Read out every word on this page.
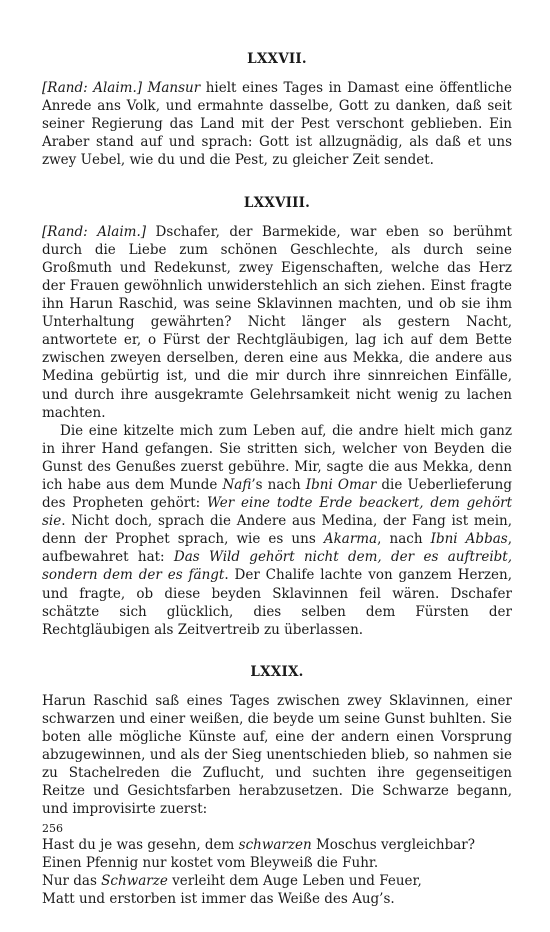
LXXVII.

[Rand: Alaim.] Mansur hielt eines Tages in Damast eine öffentliche Anrede ans Volk, und ermahnte dasselbe, Gott zu danken, daß seit seiner Regierung das Land mit der Pest verschont geblieben. Ein Araber stand auf und sprach: Gott ist allzugnädig, als daß et uns zwey Uebel, wie du und die Pest, zu gleicher Zeit sendet.

LXXVIII.

[Rand: Alaim.] Dschafer, der Barmekide, war eben so berühmt durch die Liebe zum schönen Geschlechte, als durch seine Großmuth und Redekunst, zwey Eigenschaften, welche das Herz der Frauen gewöhnlich unwiderstehlich an sich ziehen. Einst fragte ihn Harun Raschid, was seine Sklavinnen machten, und ob sie ihm Unterhaltung gewährten? Nicht länger als gestern Nacht, antwortete er, o Fürst der Rechtgläubigen, lag ich auf dem Bette zwischen zweyen derselben, deren eine aus Mekka, die andere aus Medina gebürtig ist, und die mir durch ihre sinnreichen Einfälle, und durch ihre ausgekramte Gelehrsamkeit nicht wenig zu lachen machten.

Die eine kitzelte mich zum Leben auf, die andre hielt mich ganz in ihrer Hand gefangen. Sie stritten sich, welcher von Beyden die Gunst des Genußes zuerst gebühre. Mir, sagte die aus Mekka, denn ich habe aus dem Munde Nafi’s nach Ibni Omar die Ueberlieferung des Propheten gehört: Wer eine todte Erde beackert, dem gehört sie. Nicht doch, sprach die Andere aus Medina, der Fang ist mein, denn der Prophet sprach, wie es uns Akarma, nach Ibni Abbas, aufbewahret hat: Das Wild gehört nicht dem, der es auftreibt, sondern dem der es fängt. Der Chalife lachte von ganzem Herzen, und fragte, ob diese beyden Sklavinnen feil wären. Dschafer schätzte sich glücklich, dies selben dem Fürsten der Rechtgläubigen als Zeitvertreib zu überlassen.

LXXIX.

Harun Raschid saß eines Tages zwischen zwey Sklavinnen, einer schwarzen und einer weißen, die beyde um seine Gunst buhlten. Sie boten alle mögliche Künste auf, eine der andern einen Vorsprung abzugewinnen, und als der Sieg unentschieden blieb, so nahmen sie zu Stachelreden die Zuflucht, und suchten ihre gegenseitigen Reitze und Gesichtsfarben herabzusetzen. Die Schwarze begann, und improvisirte zuerst:

Hast du je was gesehn, dem schwarzen Moschus vergleichbar?
Einen Pfennig nur kostet vom Bleyweiß die Fuhr.
Nur das Schwarze verleiht dem Auge Leben und Feuer,
Matt und erstorben ist immer das Weiße des Aug’s.
256
